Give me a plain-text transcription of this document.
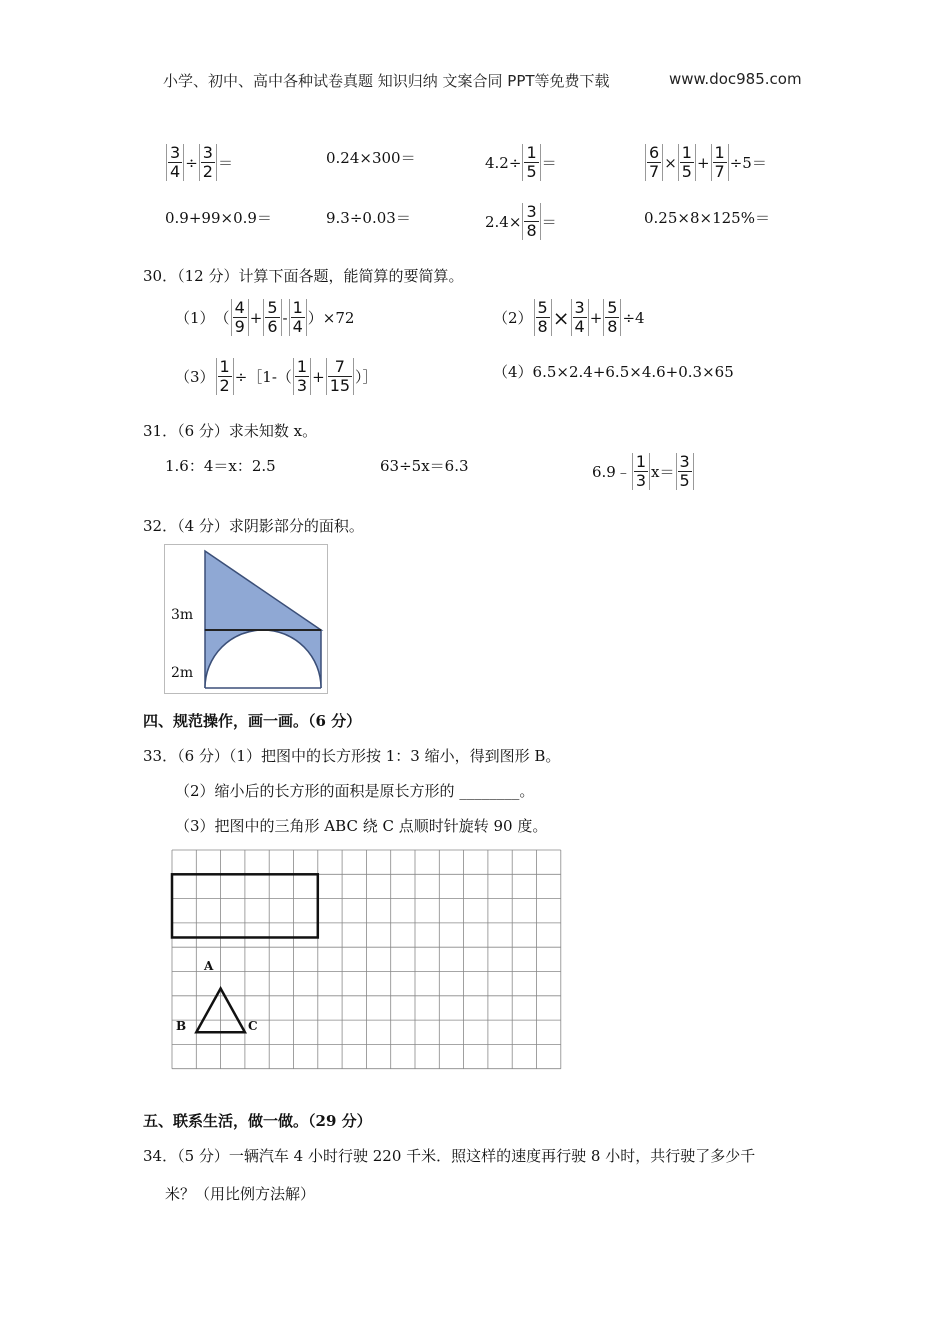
小学、初中、高中各种试卷真题 知识归纳 文案合同 PPT等免费下载	www.doc985.com
$\frac{3}{4} \div \frac{3}{2}$ ＝	0.24×300＝	$4.2\div \frac{1}{5}$ ＝	$\frac{6}{7} \times \frac{1}{5} + \frac{1}{7} \div 5=$
0.9+99×0.9＝	9.3÷0.03＝	$2.4\times \frac{3}{8}$ ＝	0.25×8×125%＝
30．（12 分）计算下面各题，能简算的要简算。
$(1)( \frac{4}{9} + \frac{5}{6} - \frac{1}{4} )\times 72$	$(2) \frac{5}{8} \times \frac{3}{4} + \frac{5}{8} \div 4$
$(3) \frac{1}{2}$ ÷［1-（ $\frac{1}{3} + \frac{7}{15}$ ）］	（4）6.5×2.4+6.5×4.6+0.3×65
31．（6 分）求未知数 x。
1.6：4＝x：2.5	63÷5x＝6.3	6.9﹣ $\frac{1}{3} x= \frac{3}{5}$
32．（4 分）求阴影部分的面积。
3m
2m
四、规范操作，画一画。（6 分）
33．（6 分）（1）把图中的长方形按 1：3 缩小，得到图形 B。
（2）缩小后的长方形的面积是原长方形的 ________。
（3）把图中的三角形 ABC 绕 C 点顺时针旋转 90 度。
A
B	C
五、联系生活，做一做。（29 分）
34．（5 分）一辆汽车 4 小时行驶 220 千米．照这样的速度再行驶 8 小时，共行驶了多少千
米？（用比例方法解）
